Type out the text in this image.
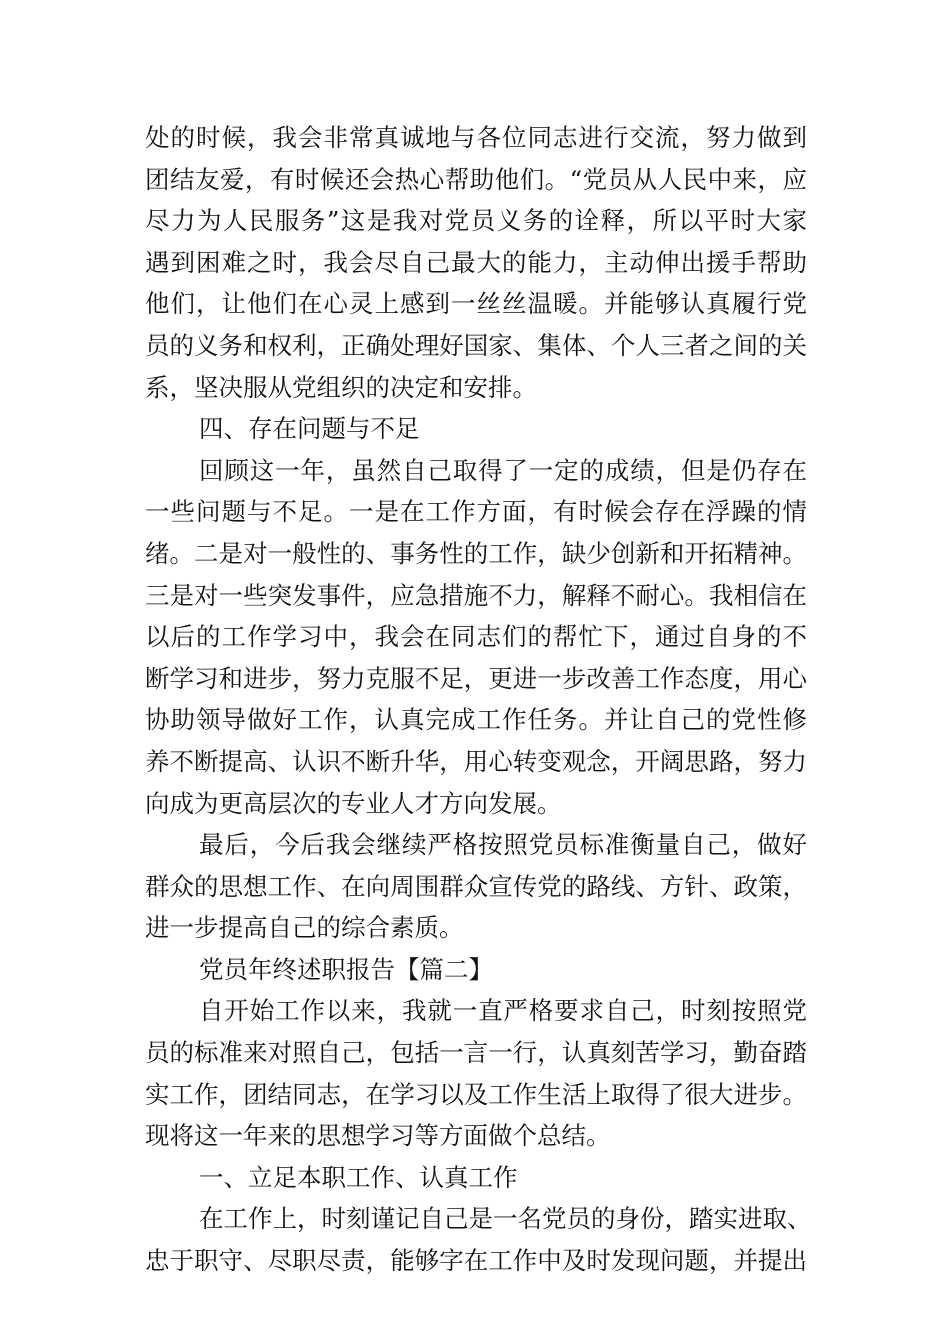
处的时候，我会非常真诚地与各位同志进行交流，努力做到
团结友爱，有时候还会热心帮助他们。“党员从人民中来，应
尽力为人民服务”这是我对党员义务的诠释，所以平时大家
遇到困难之时，我会尽自己最大的能力，主动伸出援手帮助
他们，让他们在心灵上感到一丝丝温暖。并能够认真履行党
员的义务和权利，正确处理好国家、集体、个人三者之间的关
系，坚决服从党组织的决定和安排。
四、存在问题与不足
回顾这一年，虽然自己取得了一定的成绩，但是仍存在
一些问题与不足。一是在工作方面，有时候会存在浮躁的情
绪。二是对一般性的、事务性的工作，缺少创新和开拓精神。
三是对一些突发事件，应急措施不力，解释不耐心。我相信在
以后的工作学习中，我会在同志们的帮忙下，通过自身的不
断学习和进步，努力克服不足，更进一步改善工作态度，用心
协助领导做好工作，认真完成工作任务。并让自己的党性修
养不断提高、认识不断升华，用心转变观念，开阔思路，努力
向成为更高层次的专业人才方向发展。
最后，今后我会继续严格按照党员标准衡量自己，做好
群众的思想工作、在向周围群众宣传党的路线、方针、政策，
进一步提高自己的综合素质。
党员年终述职报告【篇二】
自开始工作以来，我就一直严格要求自己，时刻按照党
员的标准来对照自己，包括一言一行，认真刻苦学习，勤奋踏
实工作，团结同志，在学习以及工作生活上取得了很大进步。
现将这一年来的思想学习等方面做个总结。
一、立足本职工作、认真工作
在工作上，时刻谨记自己是一名党员的身份，踏实进取、
忠于职守、尽职尽责，能够字在工作中及时发现问题，并提出
